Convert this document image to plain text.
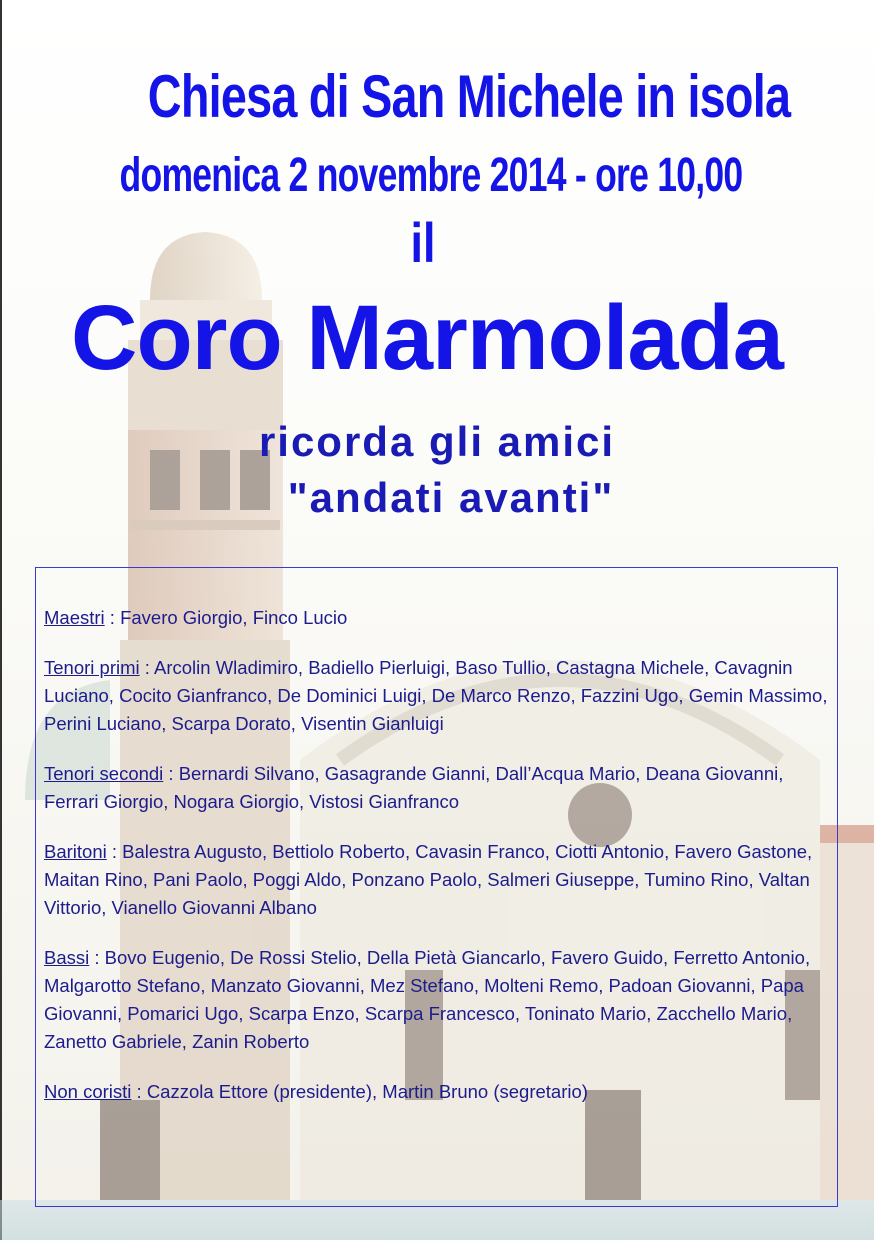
Chiesa di San Michele in isola
domenica 2 novembre 2014 - ore 10,00
il
Coro Marmolada
ricorda gli amici
"andati avanti"

Maestri : Favero Giorgio, Finco Lucio

Tenori primi : Arcolin Wladimiro, Badiello Pierluigi, Baso Tullio, Castagna Michele, Cavagnin Luciano, Cocito Gianfranco, De Dominici Luigi, De Marco Renzo, Fazzini Ugo, Gemin Massimo, Perini Luciano, Scarpa Dorato, Visentin Gianluigi

Tenori secondi : Bernardi Silvano, Gasagrande Gianni, Dall’Acqua Mario, Deana Giovanni, Ferrari Giorgio, Nogara Giorgio, Vistosi Gianfranco

Baritoni : Balestra Augusto, Bettiolo Roberto, Cavasin Franco, Ciotti Antonio, Favero Gastone, Maitan Rino, Pani Paolo, Poggi Aldo, Ponzano Paolo, Salmeri Giuseppe, Tumino Rino, Valtan Vittorio, Vianello Giovanni Albano

Bassi : Bovo Eugenio, De Rossi Stelio, Della Pietà Giancarlo, Favero Guido, Ferretto Antonio, Malgarotto Stefano, Manzato Giovanni, Mez Stefano, Molteni Remo, Padoan Giovanni, Papa Giovanni, Pomarici Ugo, Scarpa Enzo, Scarpa Francesco, Toninato Mario, Zacchello Mario, Zanetto Gabriele, Zanin Roberto

Non coristi : Cazzola Ettore (presidente), Martin Bruno (segretario)
